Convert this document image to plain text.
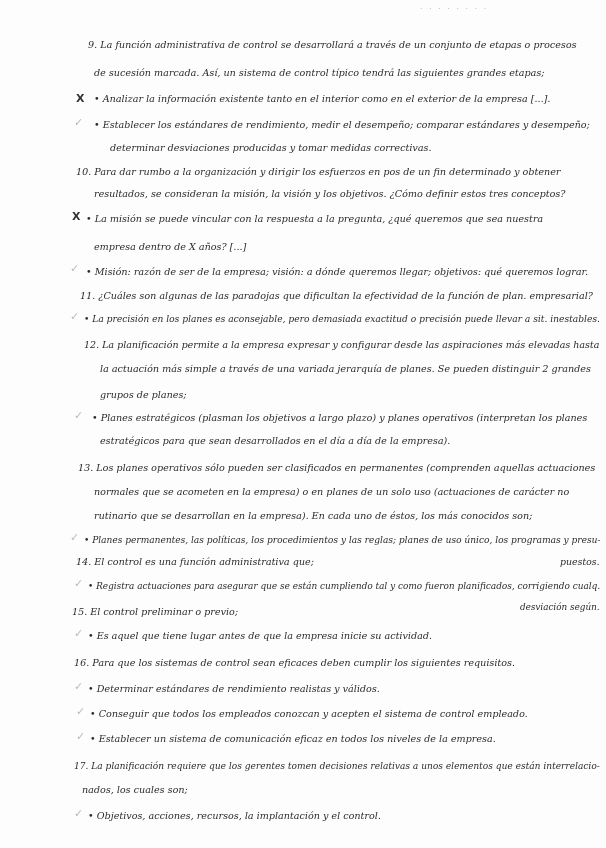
. . . . . . . .
9. La función administrativa de control se desarrollará a través de un conjunto de etapas o procesos
de sucesión marcada. Así, un sistema de control típico tendrá las siguientes grandes etapas;
X • Analizar la información existente tanto en el interior como en el exterior de la empresa [...].
✓ • Establecer los estándares de rendimiento, medir el desempeño; comparar estándares y desempeño;
determinar desviaciones producidas y tomar medidas correctivas.
10. Para dar rumbo a la organización y dirigir los esfuerzos en pos de un fin determinado y obtener
resultados, se consideran la misión, la visión y los objetivos. ¿Cómo definir estos tres conceptos?
X • La misión se puede vincular con la respuesta a la pregunta, ¿qué queremos que sea nuestra
empresa dentro de X años? [...]
✓ • Misión: razón de ser de la empresa; visión: a dónde queremos llegar; objetivos: qué queremos lograr.
11. ¿Cuáles son algunas de las paradojas que dificultan la efectividad de la función de plan. empresarial?
✓ • La precisión en los planes es aconsejable, pero demasiada exactitud o precisión puede llevar a sit. inestables.
12. La planificación permite a la empresa expresar y configurar desde las aspiraciones más elevadas hasta
la actuación más simple a través de una variada jerarquía de planes. Se pueden distinguir 2 grandes
grupos de planes;
✓ • Planes estratégicos (plasman los objetivos a largo plazo) y planes operativos (interpretan los planes
estratégicos para que sean desarrollados en el día a día de la empresa).
13. Los planes operativos sólo pueden ser clasificados en permanentes (comprenden aquellas actuaciones
normales que se acometen en la empresa) o en planes de un solo uso (actuaciones de carácter no
rutinario que se desarrollan en la empresa). En cada uno de éstos, los más conocidos son;
✓ • Planes permanentes, las políticas, los procedimientos y las reglas; planes de uso único, los programas y presu-
puestos.
14. El control es una función administrativa que;
✓ • Registra actuaciones para asegurar que se están cumpliendo tal y como fueron planificados, corrigiendo cualq.
desviación según.
15. El control preliminar o previo;
✓ • Es aquel que tiene lugar antes de que la empresa inicie su actividad.
16. Para que los sistemas de control sean eficaces deben cumplir los siguientes requisitos.
✓ • Determinar estándares de rendimiento realistas y válidos.
✓ • Conseguir que todos los empleados conozcan y acepten el sistema de control empleado.
✓ • Establecer un sistema de comunicación eficaz en todos los niveles de la empresa.
17. La planificación requiere que los gerentes tomen decisiones relativas a unos elementos que están interrelacio-
nados, los cuales son;
✓ • Objetivos, acciones, recursos, la implantación y el control.
